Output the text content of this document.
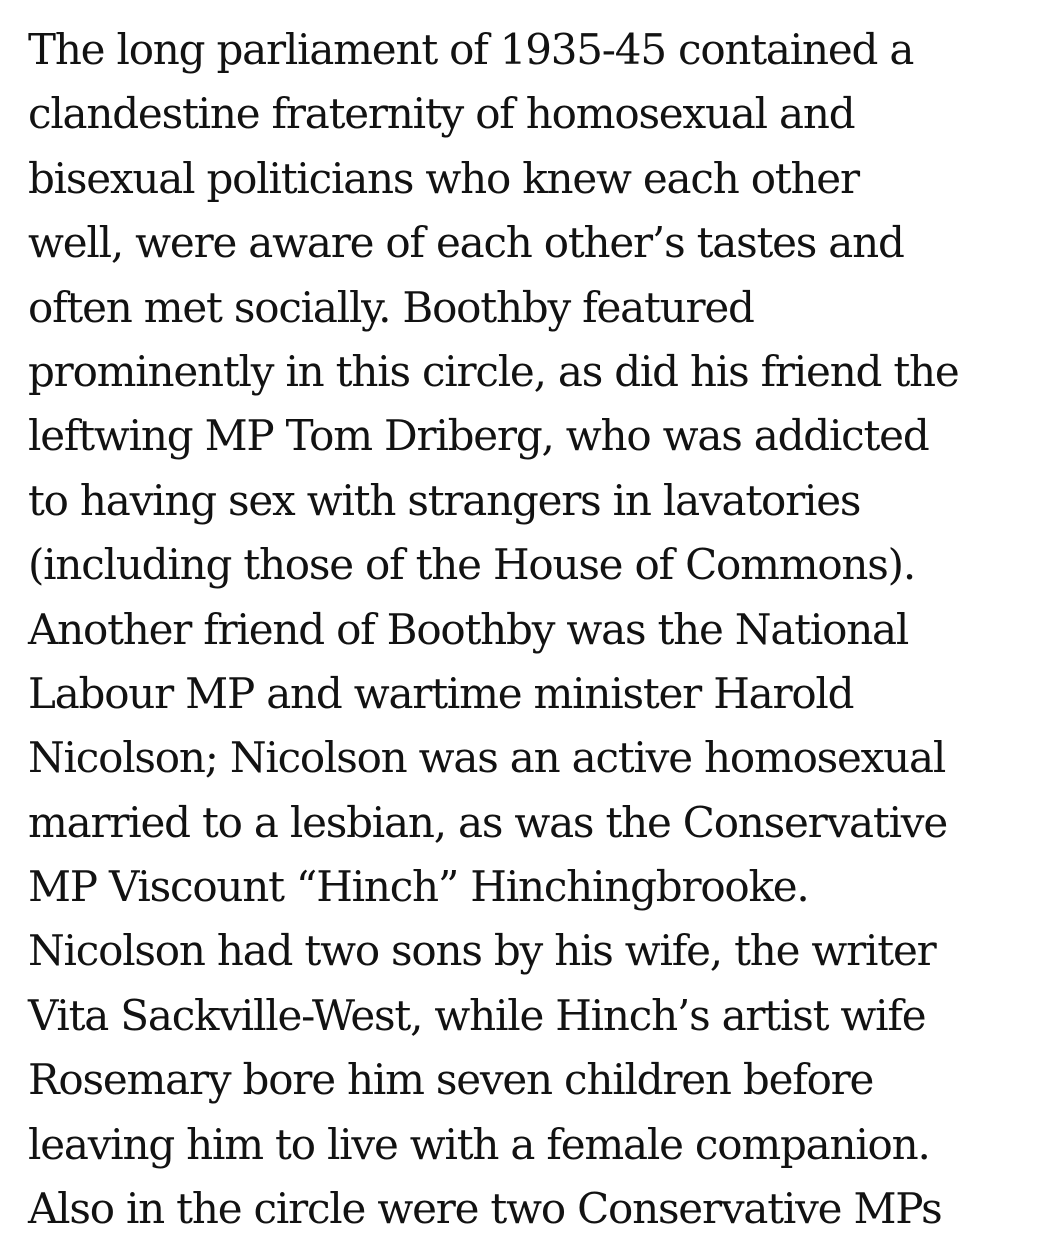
The long parliament of 1935-45 contained a
clandestine fraternity of homosexual and
bisexual politicians who knew each other
well, were aware of each other’s tastes and
often met socially. Boothby featured
prominently in this circle, as did his friend the
leftwing MP Tom Driberg, who was addicted
to having sex with strangers in lavatories
(including those of the House of Commons).
Another friend of Boothby was the National
Labour MP and wartime minister Harold
Nicolson; Nicolson was an active homosexual
married to a lesbian, as was the Conservative
MP Viscount “Hinch” Hinchingbrooke.
Nicolson had two sons by his wife, the writer
Vita Sackville-West, while Hinch’s artist wife
Rosemary bore him seven children before
leaving him to live with a female companion.
Also in the circle were two Conservative MPs
